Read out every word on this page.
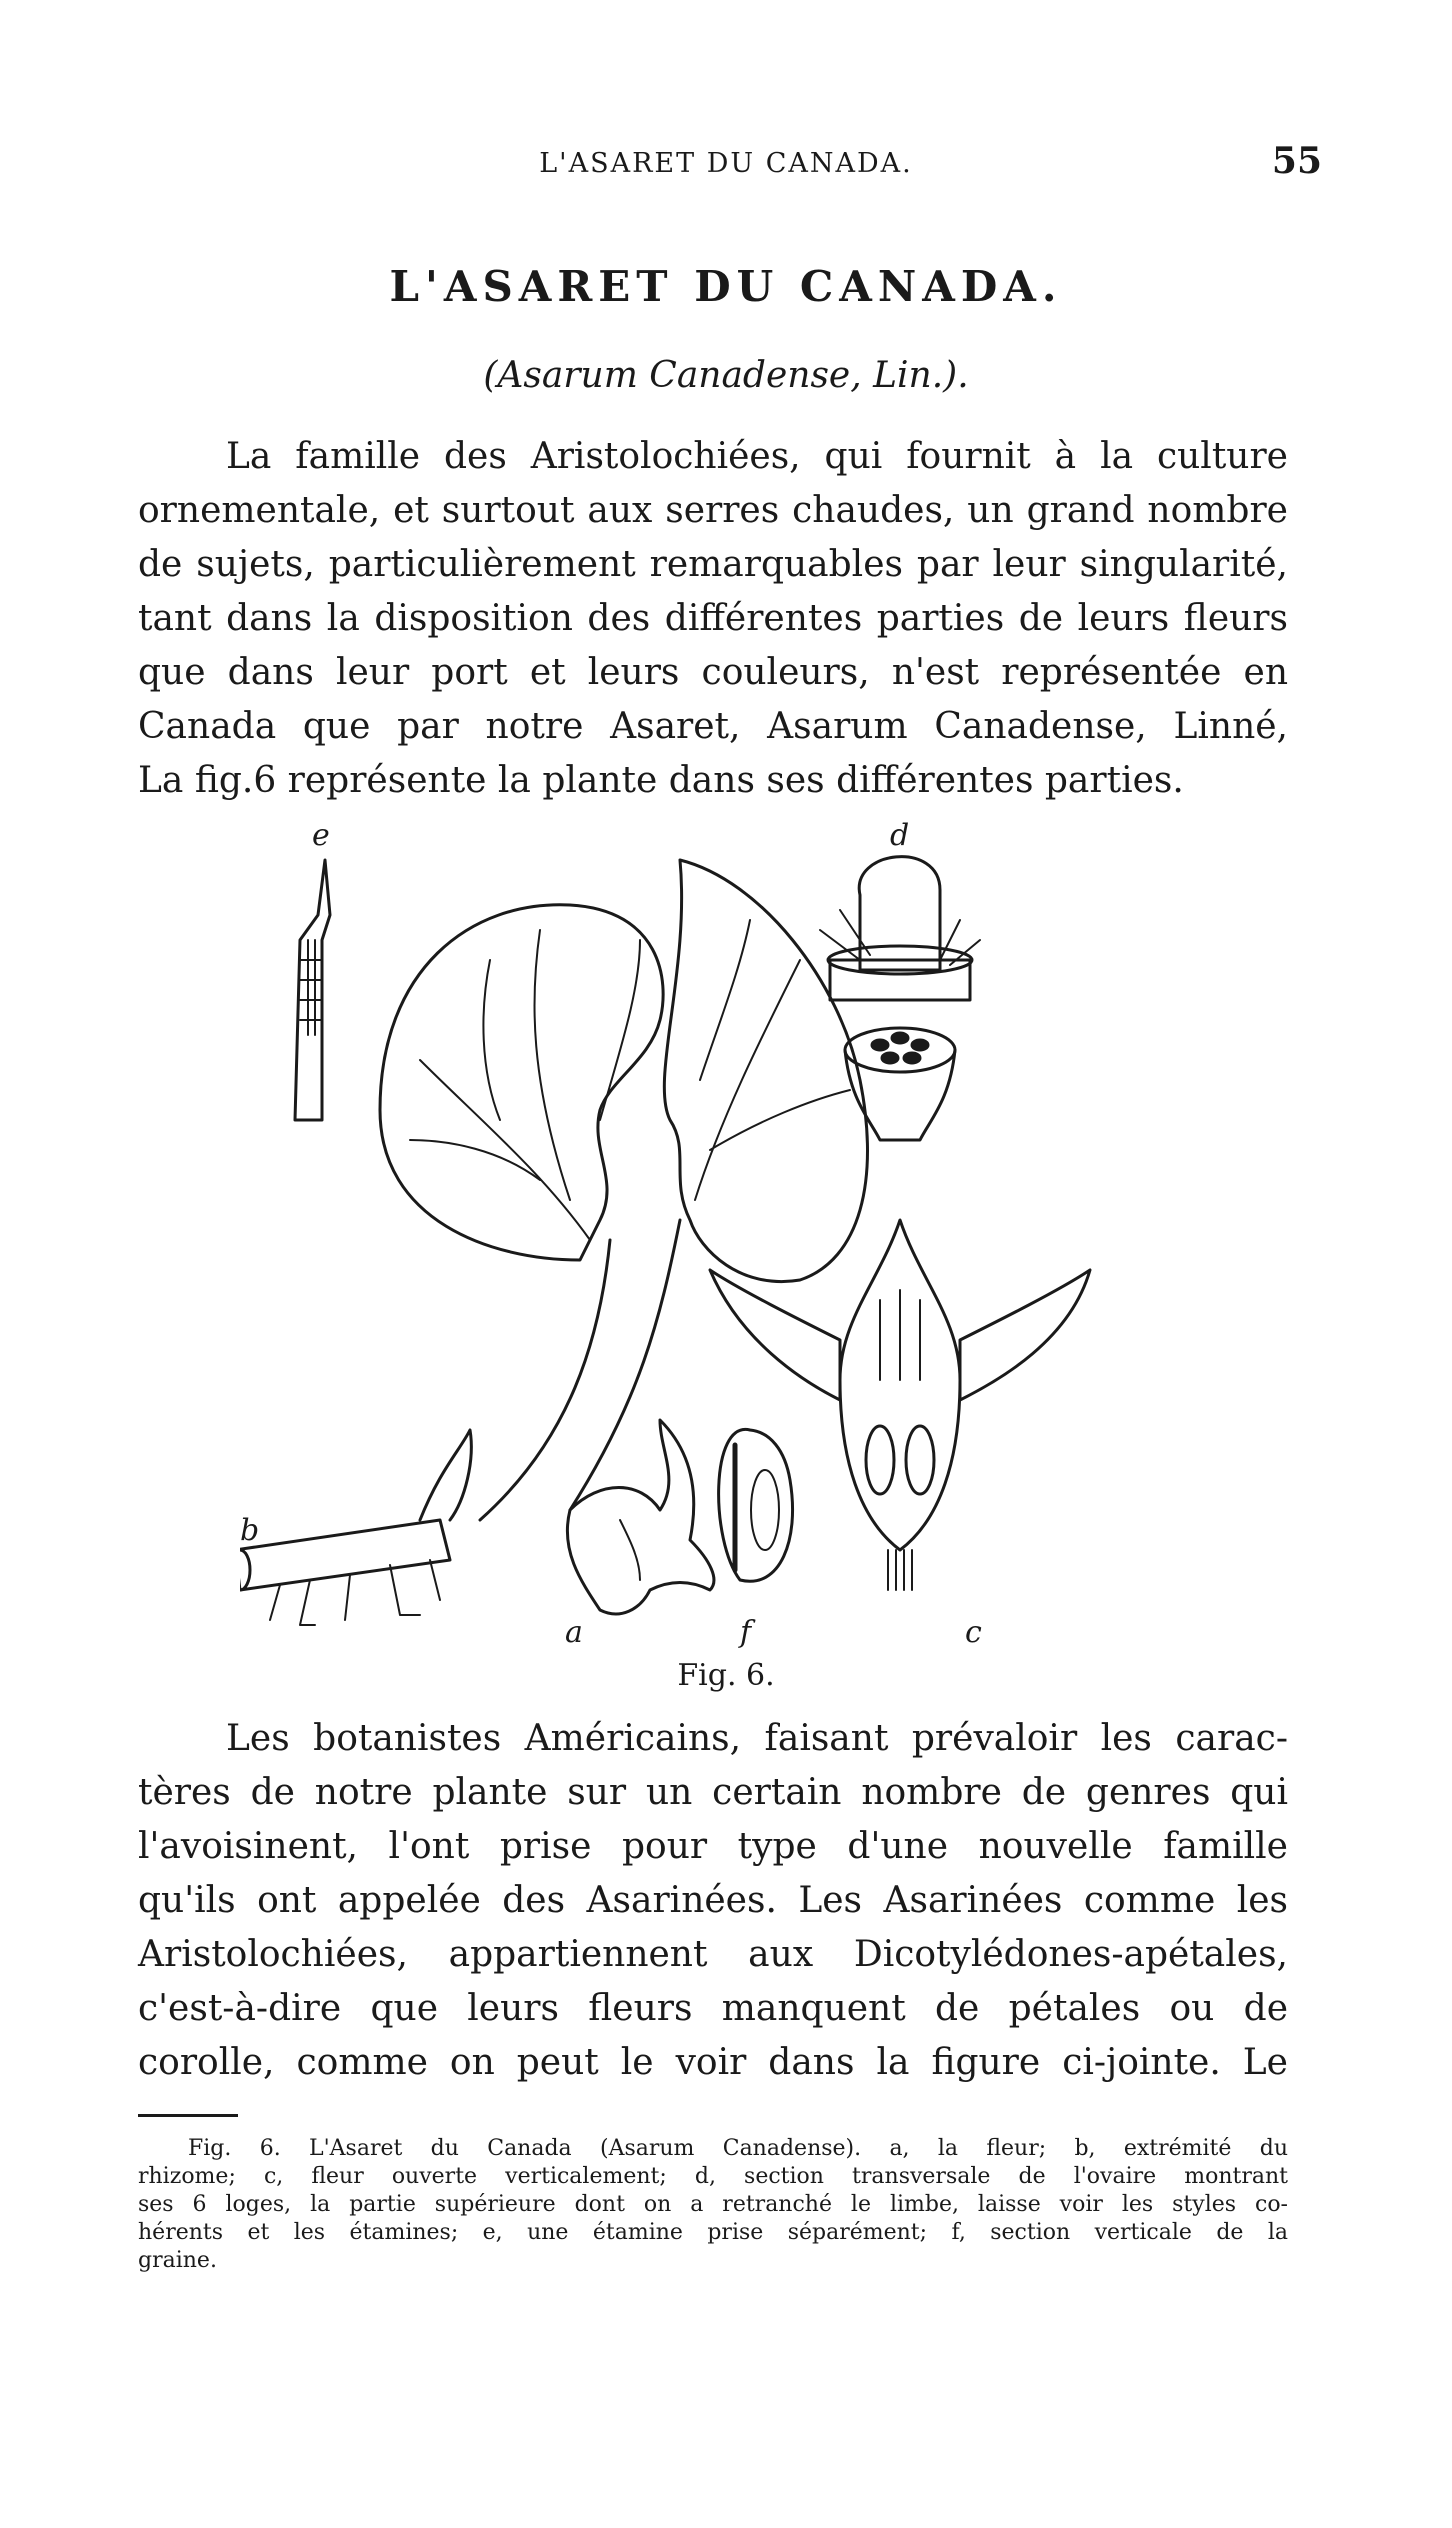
L'ASARET DU CANADA.	55
L'ASARET DU CANADA.
(Asarum Canadense, Lin.).
La famille des Aristolochiées, qui fournit à la culture
ornementale, et surtout aux serres chaudes, un grand nombre
de sujets, particulièrement remarquables par leur singularité,
tant dans la disposition des différentes parties de leurs fleurs
que dans leur port et leurs couleurs, n'est représentée en
Canada que par notre Asaret, Asarum Canadense, Linné,
La fig.6 représente la plante dans ses différentes parties.
e	d
b
a	f	c
Fig. 6.
Les botanistes Américains, faisant prévaloir les carac-
tères de notre plante sur un certain nombre de genres qui
l'avoisinent, l'ont prise pour type d'une nouvelle famille
qu'ils ont appelée des Asarinées. Les Asarinées comme les
Aristolochiées, appartiennent aux Dicotylédones-apétales,
c'est-à-dire que leurs fleurs manquent de pétales ou de
corolle, comme on peut le voir dans la figure ci-jointe. Le
Fig. 6. L'Asaret du Canada (Asarum Canadense). a, la fleur; b, extrémité du
rhizome; c, fleur ouverte verticalement; d, section transversale de l'ovaire montrant
ses 6 loges, la partie supérieure dont on a retranché le limbe, laisse voir les styles co-
hérents et les étamines; e, une étamine prise séparément; f, section verticale de la
graine.
